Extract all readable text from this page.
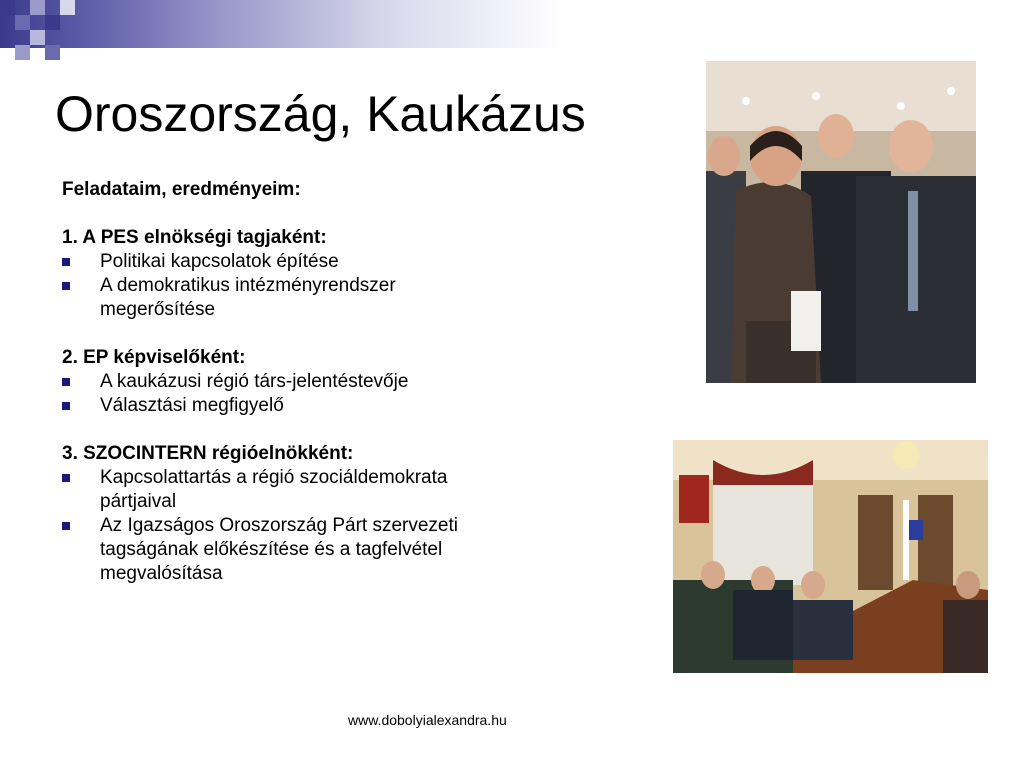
Oroszország, Kaukázus
Feladataim, eredményeim:
1. A PES elnökségi tagjaként:
Politikai kapcsolatok építése
A demokratikus intézményrendszer megerősítése
2. EP képviselőként:
A kaukázusi régió társ-jelentéstevője
Választási megfigyelő
3. SZOCINTERN régióelnökként:
Kapcsolattartás a régió szociáldemokrata pártjaival
Az Igazságos Oroszország Párt szervezeti tagságának előkészítése és a tagfelvétel megvalósítása
www.dobolyialexandra.hu
